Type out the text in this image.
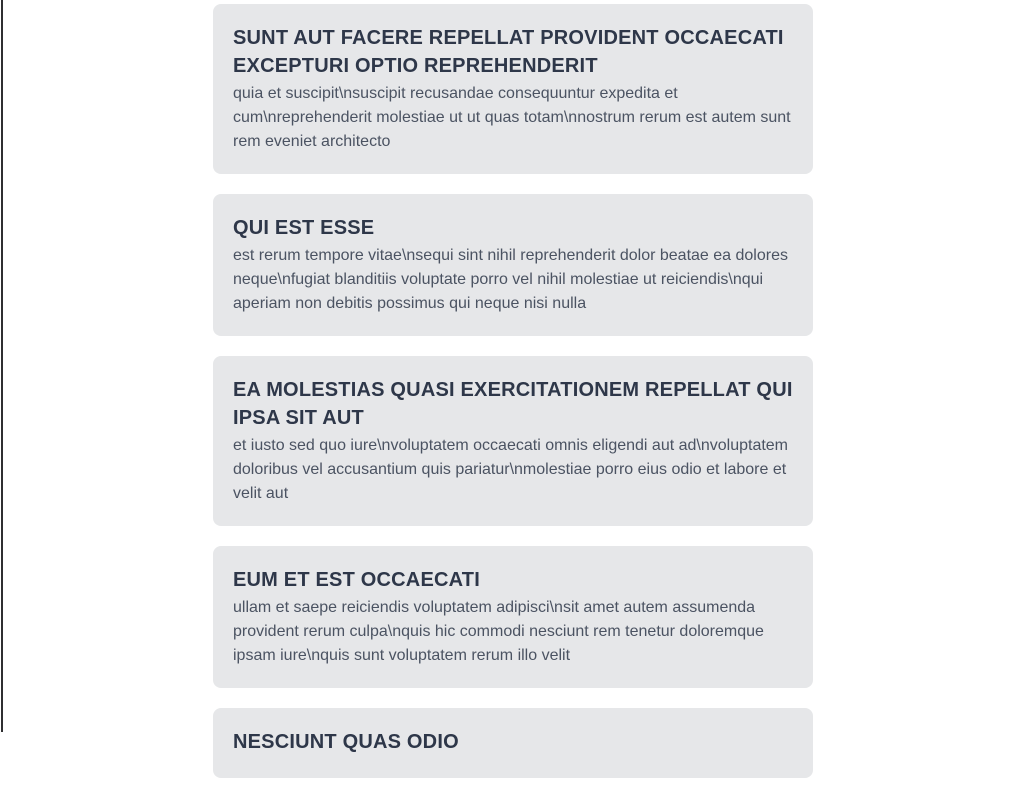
SUNT AUT FACERE REPELLAT PROVIDENT OCCAECATI EXCEPTURI OPTIO REPREHENDERIT

quia et suscipit\nsuscipit recusandae consequuntur expedita et cum\nreprehenderit molestiae ut ut quas totam\nnostrum rerum est autem sunt rem eveniet architecto

QUI EST ESSE

est rerum tempore vitae\nsequi sint nihil reprehenderit dolor beatae ea dolores neque\nfugiat blanditiis voluptate porro vel nihil molestiae ut reiciendis\nqui aperiam non debitis possimus qui neque nisi nulla

EA MOLESTIAS QUASI EXERCITATIONEM REPELLAT QUI IPSA SIT AUT

et iusto sed quo iure\nvoluptatem occaecati omnis eligendi aut ad\nvoluptatem doloribus vel accusantium quis pariatur\nmolestiae porro eius odio et labore et velit aut

EUM ET EST OCCAECATI

ullam et saepe reiciendis voluptatem adipisci\nsit amet autem assumenda provident rerum culpa\nquis hic commodi nesciunt rem tenetur doloremque ipsam iure\nquis sunt voluptatem rerum illo velit

NESCIUNT QUAS ODIO
